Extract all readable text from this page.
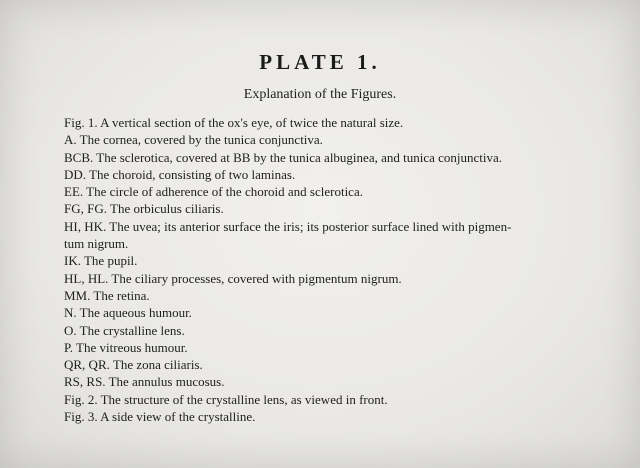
PLATE 1.
Explanation of the Figures.
Fig. 1. A vertical section of the ox's eye, of twice the natural size.
A. The cornea, covered by the tunica conjunctiva.
BCB. The sclerotica, covered at BB by the tunica albuginea, and tunica conjunctiva.
DD. The choroid, consisting of two laminas.
EE. The circle of adherence of the choroid and sclerotica.
FG, FG. The orbiculus ciliaris.
HI, HK. The uvea; its anterior surface the iris; its posterior surface lined with pigmen-
tum nigrum.
IK. The pupil.
HL, HL. The ciliary processes, covered with pigmentum nigrum.
MM. The retina.
N. The aqueous humour.
O. The crystalline lens.
P. The vitreous humour.
QR, QR. The zona ciliaris.
RS, RS. The annulus mucosus.
Fig. 2. The structure of the crystalline lens, as viewed in front.
Fig. 3. A side view of the crystalline.
